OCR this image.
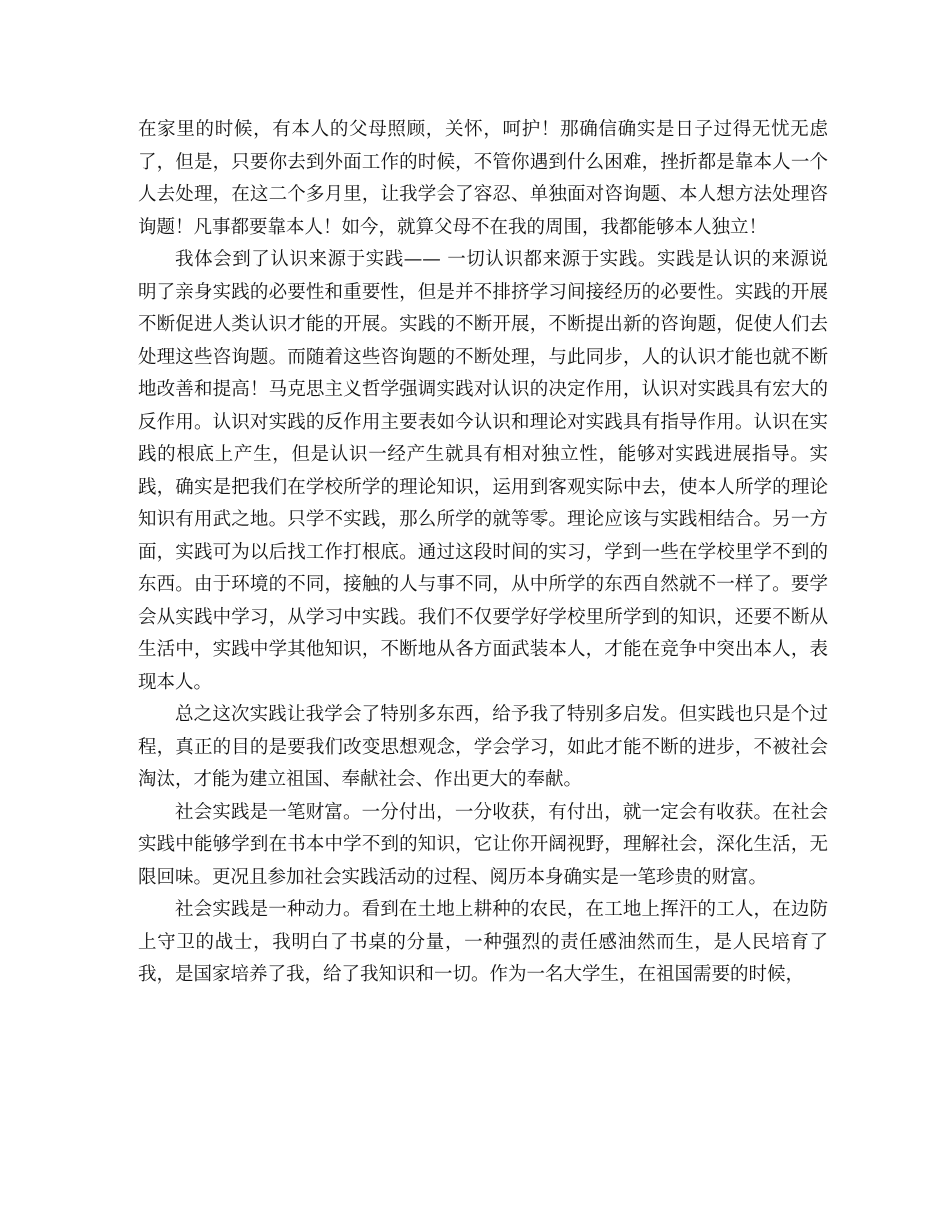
在家里的时候，有本人的父母照顾，关怀，呵护！那确信确实是日子过得无忧无虑了，但是，只要你去到外面工作的时候，不管你遇到什么困难，挫折都是靠本人一个人去处理，在这二个多月里，让我学会了容忍、单独面对咨询题、本人想方法处理咨询题！凡事都要靠本人！如今，就算父母不在我的周围，我都能够本人独立！

我体会到了认识来源于实践—— 一切认识都来源于实践。实践是认识的来源说明了亲身实践的必要性和重要性，但是并不排挤学习间接经历的必要性。实践的开展不断促进人类认识才能的开展。实践的不断开展，不断提出新的咨询题，促使人们去处理这些咨询题。而随着这些咨询题的不断处理，与此同步，人的认识才能也就不断地改善和提高！马克思主义哲学强调实践对认识的决定作用，认识对实践具有宏大的反作用。认识对实践的反作用主要表如今认识和理论对实践具有指导作用。认识在实践的根底上产生，但是认识一经产生就具有相对独立性，能够对实践进展指导。实践，确实是把我们在学校所学的理论知识，运用到客观实际中去，使本人所学的理论知识有用武之地。只学不实践，那么所学的就等零。理论应该与实践相结合。另一方面，实践可为以后找工作打根底。通过这段时间的实习，学到一些在学校里学不到的东西。由于环境的不同，接触的人与事不同，从中所学的东西自然就不一样了。要学会从实践中学习，从学习中实践。我们不仅要学好学校里所学到的知识，还要不断从生活中，实践中学其他知识，不断地从各方面武装本人，才能在竞争中突出本人，表现本人。

总之这次实践让我学会了特别多东西，给予我了特别多启发。但实践也只是个过程，真正的目的是要我们改变思想观念，学会学习，如此才能不断的进步，不被社会淘汰，才能为建立祖国、奉献社会、作出更大的奉献。

社会实践是一笔财富。一分付出，一分收获，有付出，就一定会有收获。在社会实践中能够学到在书本中学不到的知识，它让你开阔视野，理解社会，深化生活，无限回味。更况且参加社会实践活动的过程、阅历本身确实是一笔珍贵的财富。

社会实践是一种动力。看到在土地上耕种的农民，在工地上挥汗的工人，在边防上守卫的战士，我明白了书桌的分量，一种强烈的责任感油然而生，是人民培育了我，是国家培养了我，给了我知识和一切。作为一名大学生，在祖国需要的时候，
